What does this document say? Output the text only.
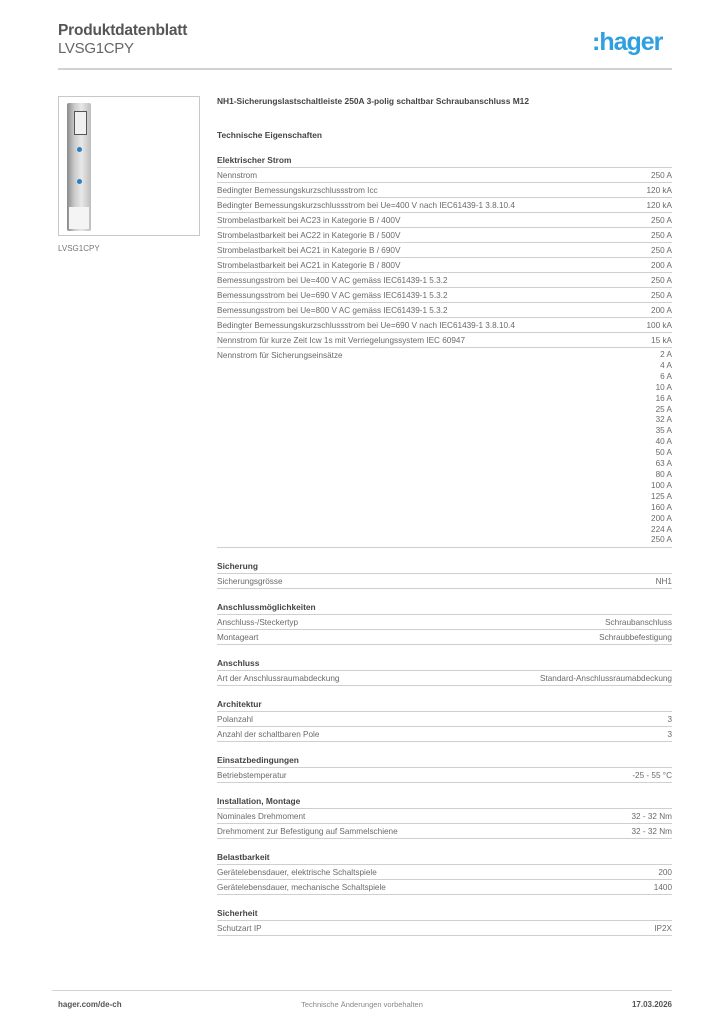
Produktdatenblatt
LVSG1CPY	:hager
LVSG1CPY
NH1-Sicherungslastschaltleiste 250A 3-polig schaltbar Schraubanschluss M12
Technische Eigenschaften
Elektrischer Strom
Nennstrom	250 A
Bedingter Bemessungskurzschlussstrom Icc	120 kA
Bedingter Bemessungskurzschlussstrom bei Ue=400 V nach IEC61439-1 3.8.10.4	120 kA
Strombelastbarkeit bei AC23 in Kategorie B / 400V	250 A
Strombelastbarkeit bei AC22 in Kategorie B / 500V	250 A
Strombelastbarkeit bei AC21 in Kategorie B / 690V	250 A
Strombelastbarkeit bei AC21 in Kategorie B / 800V	200 A
Bemessungsstrom bei Ue=400 V AC gemäss IEC61439-1 5.3.2	250 A
Bemessungsstrom bei Ue=690 V AC gemäss IEC61439-1 5.3.2	250 A
Bemessungsstrom bei Ue=800 V AC gemäss IEC61439-1 5.3.2	200 A
Bedingter Bemessungskurzschlussstrom bei Ue=690 V nach IEC61439-1 3.8.10.4	100 kA
Nennstrom für kurze Zeit Icw 1s mit Verriegelungssystem IEC 60947	15 kA
Nennstrom für Sicherungseinsätze	2 A
4 A
6 A
10 A
16 A
25 A
32 A
35 A
40 A
50 A
63 A
80 A
100 A
125 A
160 A
200 A
224 A
250 A
Sicherung
Sicherungsgrösse	NH1
Anschlussmöglichkeiten
Anschluss-/Steckertyp	Schraubanschluss
Montageart	Schraubbefestigung
Anschluss
Art der Anschlussraumabdeckung	Standard-Anschlussraumabdeckung
Architektur
Polanzahl	3
Anzahl der schaltbaren Pole	3
Einsatzbedingungen
Betriebstemperatur	-25 - 55 °C
Installation, Montage
Nominales Drehmoment	32 - 32 Nm
Drehmoment zur Befestigung auf Sammelschiene	32 - 32 Nm
Belastbarkeit
Gerätelebensdauer, elektrische Schaltspiele	200
Gerätelebensdauer, mechanische Schaltspiele	1400
Sicherheit
Schutzart IP	IP2X
hager.com/de-ch	Technische Änderungen vorbehalten	17.03.2026
